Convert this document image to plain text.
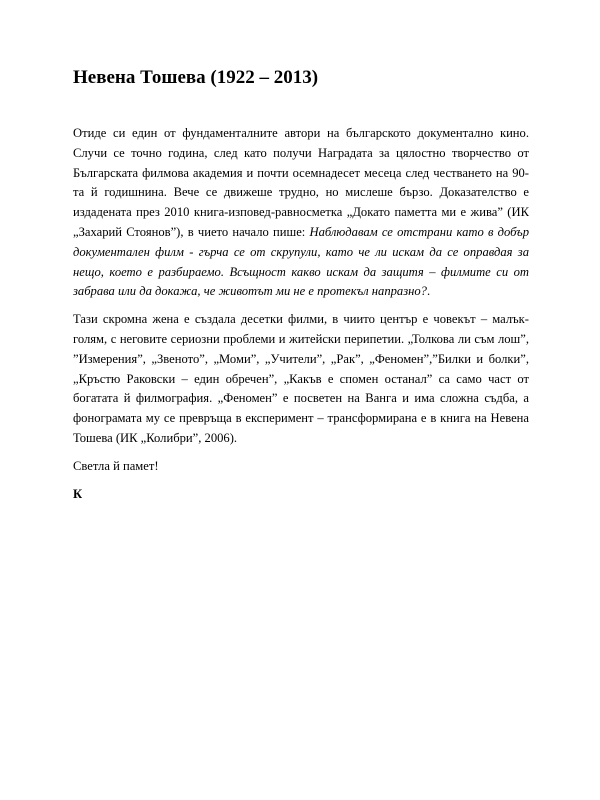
Невена Тошева (1922 – 2013)

Отиде си един от фундаменталните автори на българското документално кино. Случи се точно година, след като получи Наградата за цялостно творчество от Българската филмова академия и почти осемнадесет месеца след честването на 90-та й годишнина. Вече се движеше трудно, но мислеше бързо. Доказателство е издадената през 2010 книга-изповед-равносметка „Докато паметта ми е жива” (ИК „Захарий Стоянов”), в чието начало пише: Наблюдавам се отстрани като в добър документален филм - гърча се от скрупули, като че ли искам да се оправдая за нещо, което е разбираемо. Всъщност какво искам да защитя – филмите си от забрава или да докажа, че животът ми не е протекъл напразно?.

Тази скромна жена е създала десетки филми, в чиито център е човекът – малък-голям, с неговите сериозни проблеми и житейски перипетии. „Толкова ли съм лош”, ”Измерения”, „Звеното”, „Моми”, „Учители”, „Рак”, „Феномен”,”Билки и болки”, „Кръстю Раковски – един обречен”, „Какъв е спомен останал” са само част от богатата й филмография. „Феномен” е посветен на Ванга и има сложна съдба, а фонограмата му се превръща в експеримент – трансформирана е в книга на Невена Тошева (ИК „Колибри”, 2006).

Светла й памет!

К
